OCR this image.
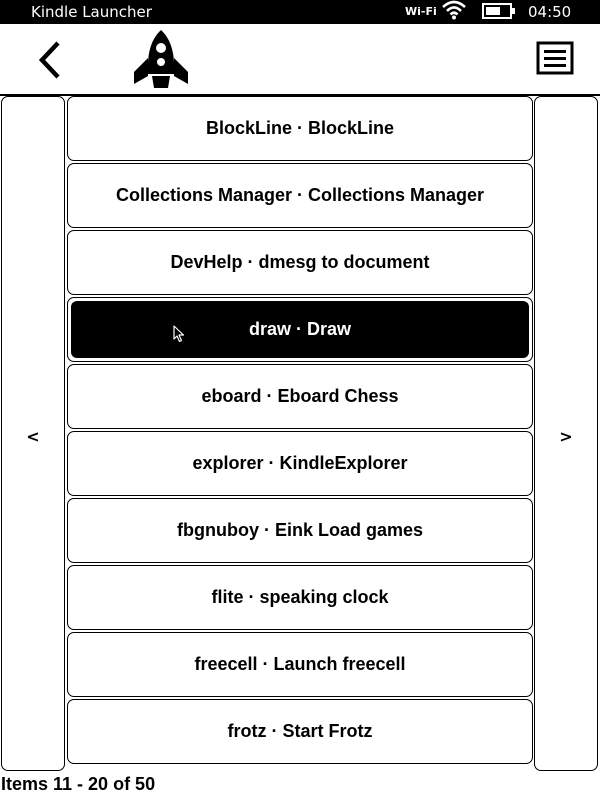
Kindle Launcher	Wi-Fi	04:50
<
BlockLine · BlockLine
Collections Manager · Collections Manager
DevHelp · dmesg to document
draw · Draw
eboard · Eboard Chess
explorer · KindleExplorer
fbgnuboy · Eink Load games
flite · speaking clock
freecell · Launch freecell
frotz · Start Frotz
>
Items 11 - 20 of 50
